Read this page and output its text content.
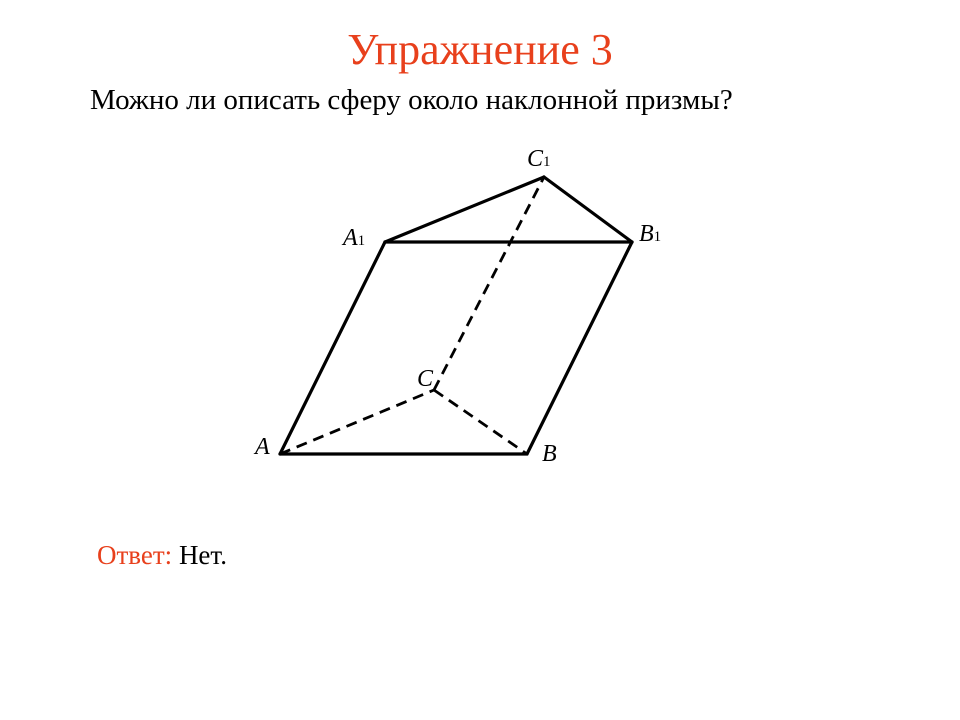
Упражнение 3
Можно ли описать сферу около наклонной призмы?
C1
A1	B1
C
A	B
Ответ: Нет.
